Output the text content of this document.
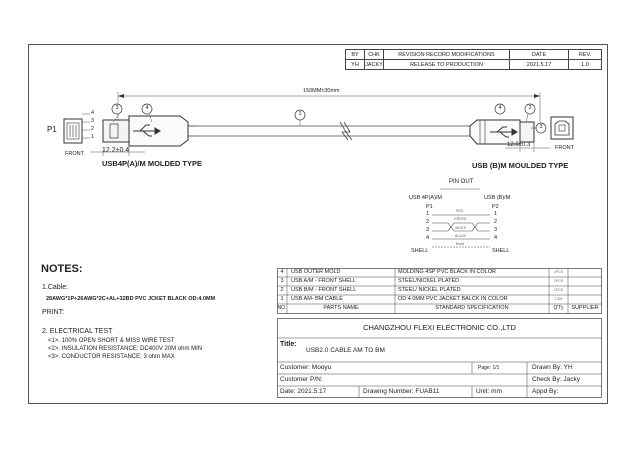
BY	CHK	REVISION RECORD MODIFICATIONS	DATE	REV.
YH	JACKY	RELEASE TO PRODUCTION	2021.5.17	1.0
P1
FRONT
FRONT
4
3
2
1
3	4
1
4	2
3
150MM±30mm
12.2±0.4
12.0±0.3
USB4P(A)/M MOLDED TYPE	USB (B)M MOULDED TYPE
PIN OUT
USB 4P(A)/M	USB (B)/M
P1	P2
1
2
3
4
1
2
3
4
RED
GREEN
WHITE
BLACK
Braid
SHELL	SHELL
NOTES:
1.Cable:
28AWG*1P+26AWG*2C+AL+32BD PVC JCKET BLACK OD:4.0MM
PRINT:
2. ELECTRICAL TEST
<1>. 100% OPEN SHORT & MISS WIRE TEST
<2>. INSULATION RESISTANCE: DC400V 20M ohm MIN
<3>. CONDUCTOR RESISTANCE: 3 ohm MAX
4	USB OUTER MOLD	MOLDING 4SP PVC BLACK IN COLOR	1PCS
3	USB A/M - FRONT SHELL	STEEL/NICKEL PLATED	1PCS
2	USB B/M - FRONT SHELL	STEEL/ NICKEL PLATED	1PCS
1	USB AM- BM CABLE	OD:4.0MM PVC JACKET BALCK IN COLOR	1.5M
NO.	PARTS NAME	STANDARD SPECIFICATION	Q'Ty	SUPPLIER
CHANGZHOU FLEXI ELECTRONIC CO.,LTD
Title:
USB2.0 CABLE AM TO BM
Customer: Mooyu	Page: 1/1	Drawn By: YH
Customer P/N:	Check By: Jacky
Date: 2021.5.17	Drawing Number: FUAB11	Unit: mm	Appd By:
